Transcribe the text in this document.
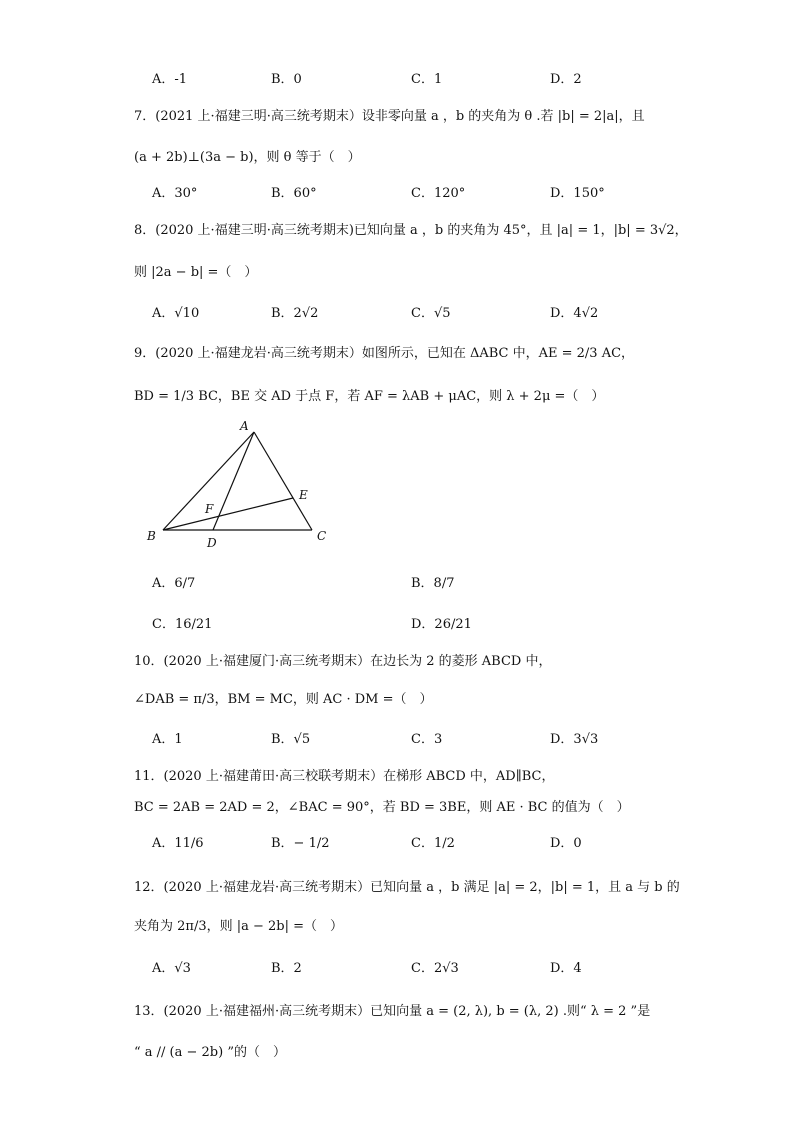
A．-1	B．0	C．1	D．2
7．(2021 上·福建三明·高三统考期末）设非零向量 a ，b 的夹角为 θ .若 |b| = 2|a|，且
(a + 2b)⊥(3a − b)，则 θ 等于（　）
A．30°	B．60°	C．120°	D．150°
8．(2020 上·福建三明·高三统考期末)已知向量 a ，b 的夹角为 45°，且 |a| = 1，|b| = 3√2，
则 |2a − b| =（　）
A．√10	B．2√2	C．√5	D．4√2
9．(2020 上·福建龙岩·高三统考期末）如图所示，已知在 ΔABC 中，AE = 2/3 AC，
BD = 1/3 BC，BE 交 AD 于点 F，若 AF = λAB + μAC，则 λ + 2μ =（　）
A
B	C
D
E
F
A．6/7	B．8/7
C．16/21	D．26/21
10．(2020 上·福建厦门·高三统考期末）在边长为 2 的菱形 ABCD 中，
∠DAB = π/3，BM = MC，则 AC · DM =（　）
A．1	B．√5	C．3	D．3√3
11．(2020 上·福建莆田·高三校联考期末）在梯形 ABCD 中，AD∥BC，
BC = 2AB = 2AD = 2，∠BAC = 90°，若 BD = 3BE，则 AE · BC 的值为（　）
A．11/6	B．− 1/2	C．1/2	D．0
12．(2020 上·福建龙岩·高三统考期末）已知向量 a ，b 满足 |a| = 2，|b| = 1，且 a 与 b 的
夹角为 2π/3，则 |a − 2b| =（　）
A．√3	B．2	C．2√3	D．4
13．(2020 上·福建福州·高三统考期末）已知向量 a = (2, λ), b = (λ, 2) .则“ λ = 2 ”是
“ a // (a − 2b) ”的（　）
